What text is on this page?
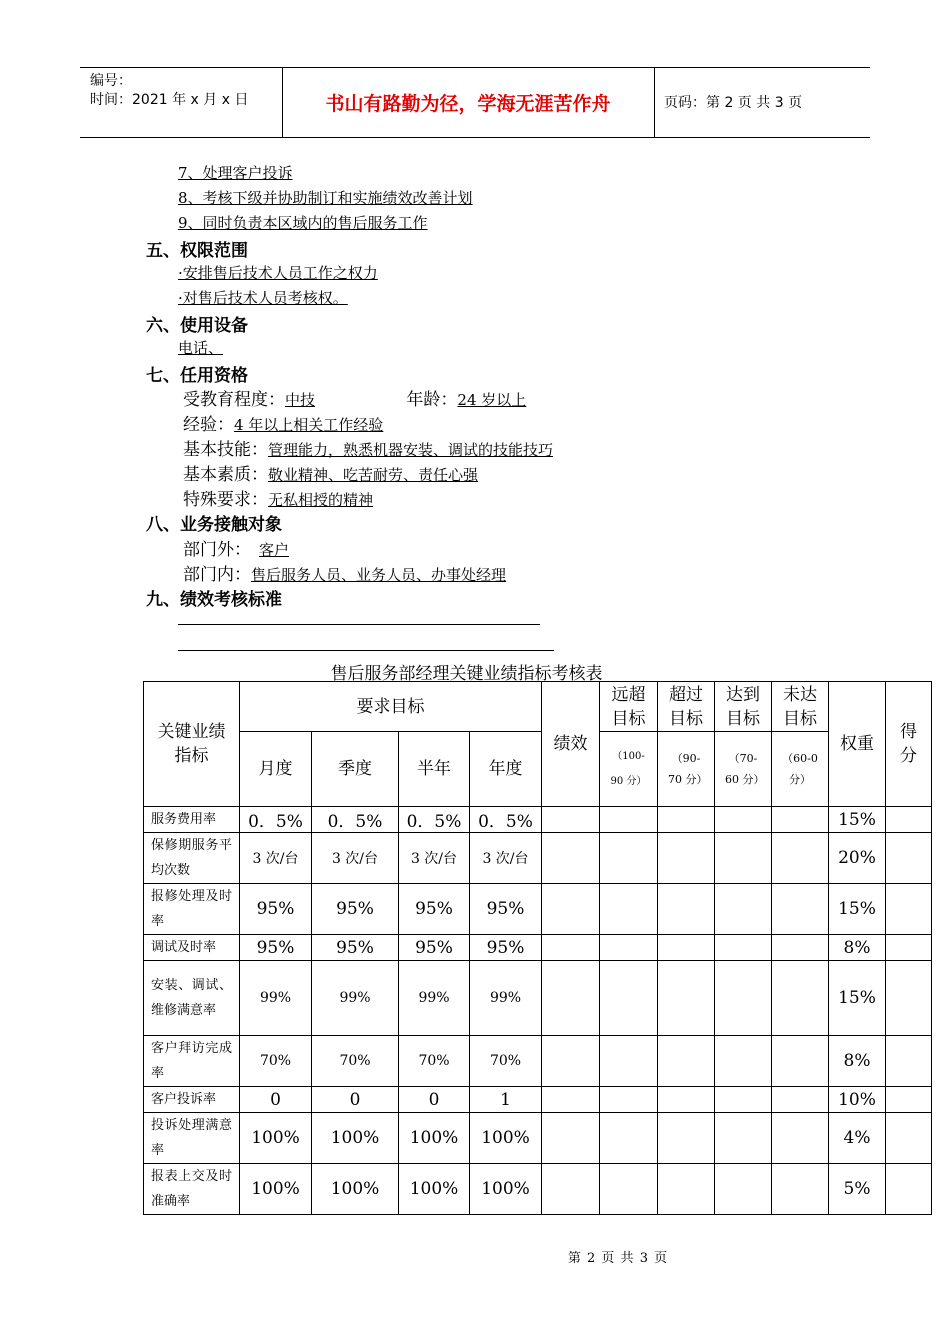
编号：
时间：2021 年 x 月 x 日	书山有路勤为径，学海无涯苦作舟	页码：第 2 页 共 3 页
7、处理客户投诉
8、考核下级并协助制订和实施绩效改善计划
9、同时负责本区域内的售后服务工作
五、权限范围
·安排售后技术人员工作之权力
·对售后技术人员考核权。
六、使用设备
电话、
七、任用资格
受教育程度：中技	年龄：24 岁以上
经验：4 年以上相关工作经验
基本技能：管理能力，熟悉机器安装、调试的技能技巧
基本素质：敬业精神、吃苦耐劳、责任心强
特殊要求：无私相授的精神
八、业务接触对象
部门外： 客户
部门内：售后服务人员、业务人员、办事处经理
九、绩效考核标准
售后服务部经理关键业绩指标考核表
关键业绩指标	要求目标				绩效	远超目标	超过目标	达到目标	未达目标	权重	得分
	月度	季度	半年	年度		（100-90 分）	（90-70 分）	（70-60 分）	（60-0 分）		
服务费用率	0．5%	0．5%	0．5%	0．5%						15%	
保修期服务平均次数	3 次/台	3 次/台	3 次/台	3 次/台						20%	
报修处理及时率	95%	95%	95%	95%						15%	
调试及时率	95%	95%	95%	95%						8%	
安装、调试、维修满意率	99%	99%	99%	99%						15%	
客户拜访完成率	70%	70%	70%	70%						8%	
客户投诉率	0	0	0	1						10%	
投诉处理满意率	100%	100%	100%	100%						4%	
报表上交及时准确率	100%	100%	100%	100%						5%	
第 2 页 共 3 页
